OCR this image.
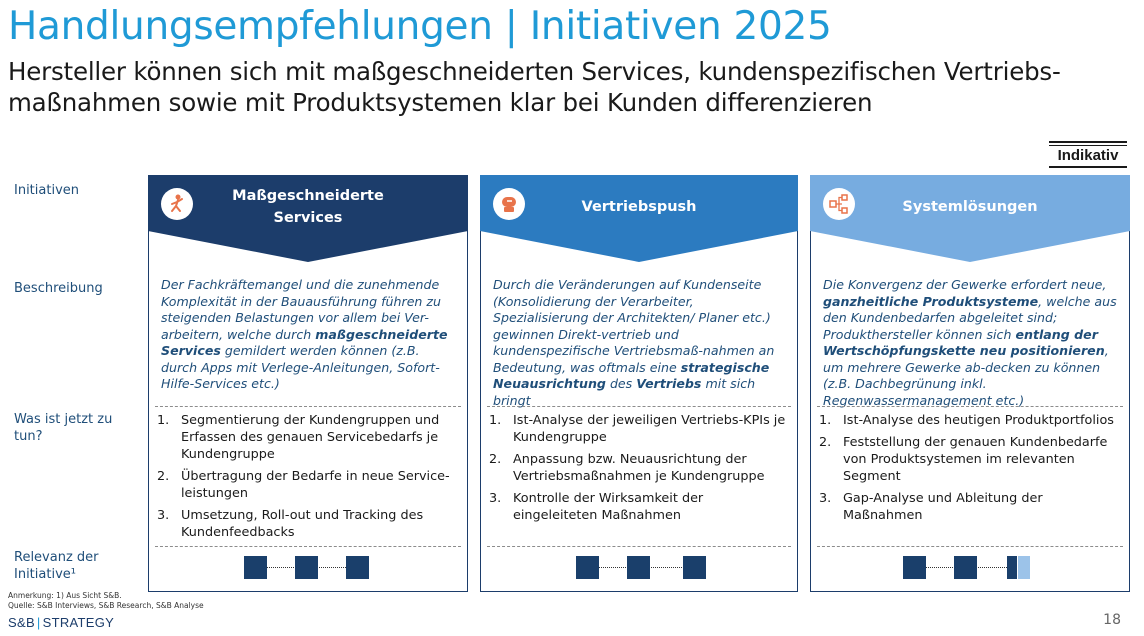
Handlungsempfehlungen | Initiativen 2025
Hersteller können sich mit maßgeschneiderten Services, kundenspezifischen Vertriebs-maßnahmen sowie mit Produktsystemen klar bei Kunden differenzieren
Indikativ
Initiativen
Beschreibung
Was ist jetzt zu tun?
Relevanz der Initiative¹
Maßgeschneiderte Services
Der Fachkräftemangel und die zunehmende Komplexität in der Bauausführung führen zu steigenden Belastungen vor allem bei Ver-arbeitern, welche durch maßgeschneiderte Services gemildert werden können (z.B. durch Apps mit Verlege-Anleitungen, Sofort-Hilfe-Services etc.)
1. Segmentierung der Kundengruppen und Erfassen des genauen Servicebedarfs je Kundengruppe
2. Übertragung der Bedarfe in neue Service-leistungen
3. Umsetzung, Roll-out und Tracking des Kundenfeedbacks
Vertriebspush
Durch die Veränderungen auf Kundenseite (Konsolidierung der Verarbeiter, Spezialisierung der Architekten/ Planer etc.) gewinnen Direkt-vertrieb und kundenspezifische Vertriebsmaß-nahmen an Bedeutung, was oftmals eine strategische Neuausrichtung des Vertriebs mit sich bringt
1. Ist-Analyse der jeweiligen Vertriebs-KPIs je Kundengruppe
2. Anpassung bzw. Neuausrichtung der Vertriebsmaßnahmen je Kundengruppe
3. Kontrolle der Wirksamkeit der eingeleiteten Maßnahmen
Systemlösungen
Die Konvergenz der Gewerke erfordert neue, ganzheitliche Produktsysteme, welche aus den Kundenbedarfen abgeleitet sind; Produkthersteller können sich entlang der Wertschöpfungskette neu positionieren, um mehrere Gewerke ab-decken zu können (z.B. Dachbegrünung inkl. Regenwassermanagement etc.)
1. Ist-Analyse des heutigen Produktportfolios
2. Feststellung der genauen Kundenbedarfe von Produktsystemen im relevanten Segment
3. Gap-Analyse und Ableitung der Maßnahmen
Anmerkung: 1) Aus Sicht S&B.
Quelle: S&B Interviews, S&B Research, S&B Analyse
S&B | STRATEGY	18
